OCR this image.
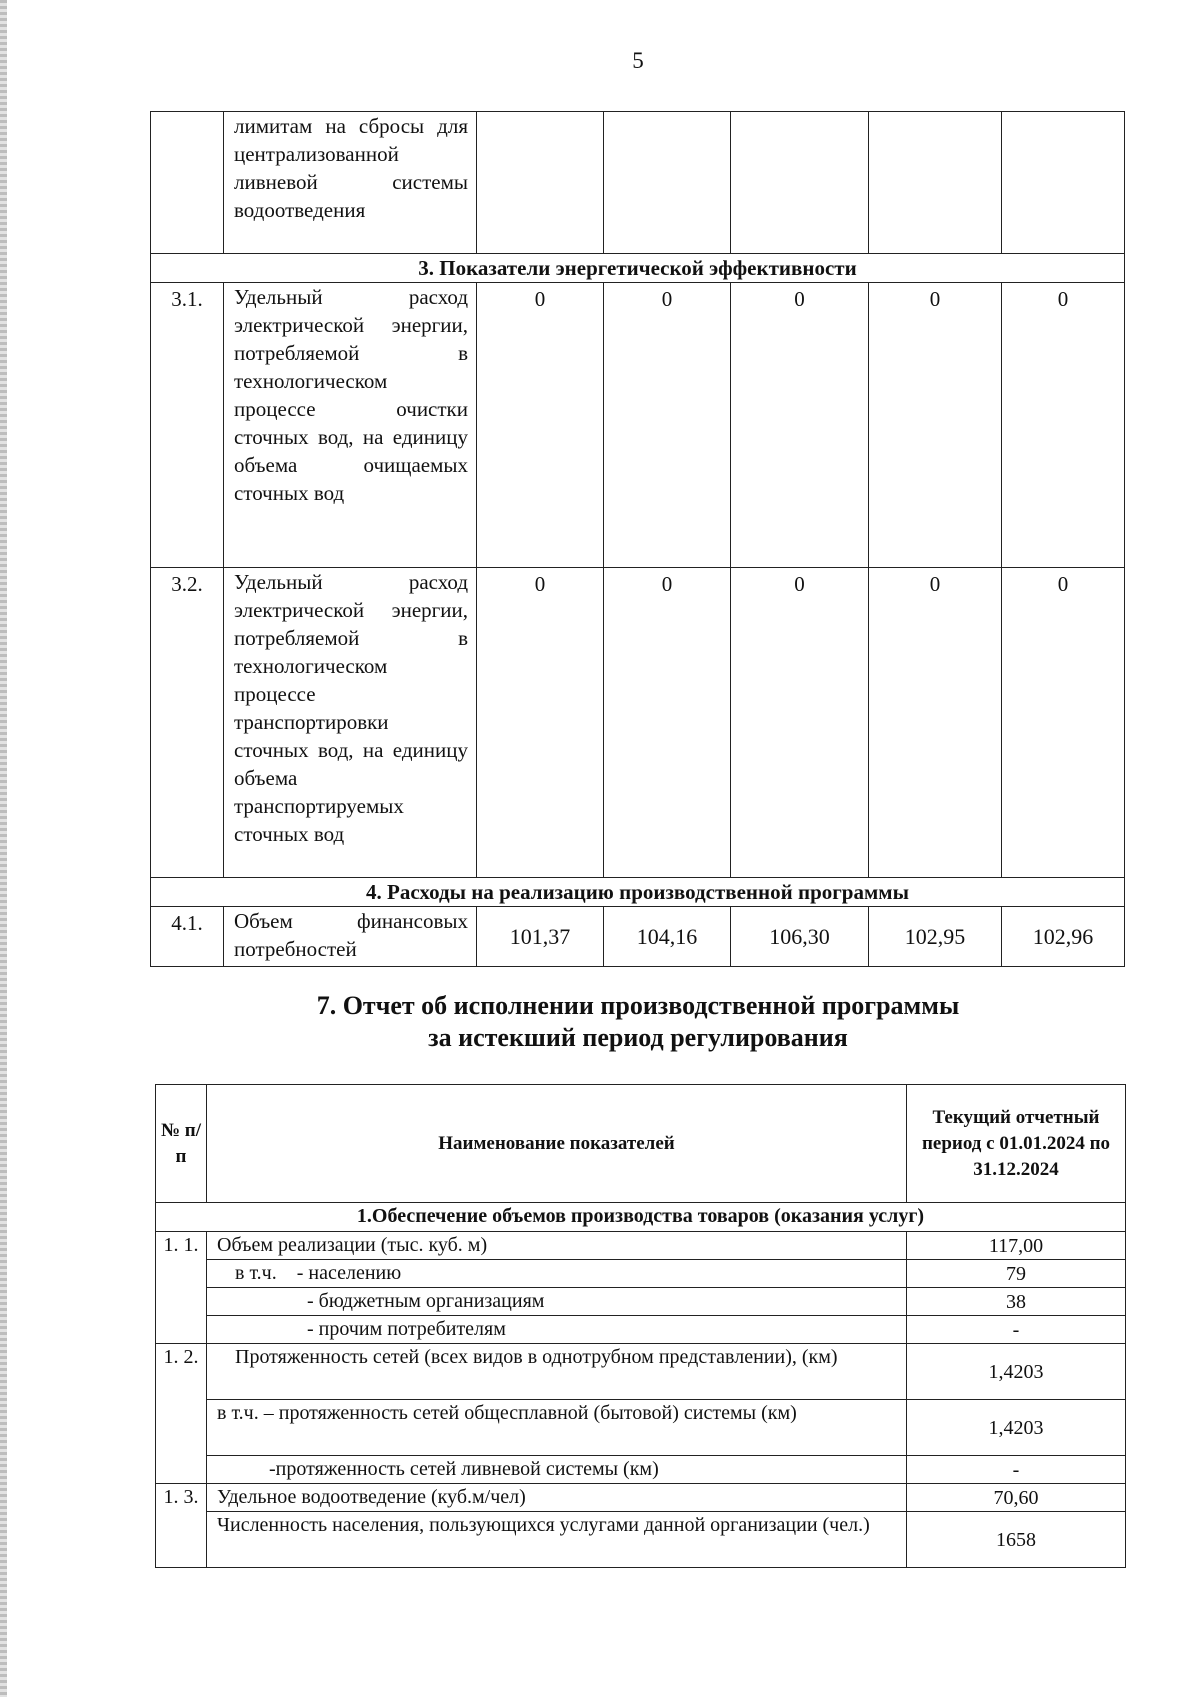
5
	лимитам на сбросы для централизованной ливневой системы водоотведения					
3. Показатели энергетической эффективности						
3.1.	Удельный расход электрической энергии, потребляемой в технологическом процессе очистки сточных вод, на единицу объема очищаемых сточных вод	0	0	0	0	0
3.2.	Удельный расход электрической энергии, потребляемой в технологическом процессе транспортировки сточных вод, на единицу объема транспортируемых сточных вод	0	0	0	0	0
4. Расходы на реализацию производственной программы						
4.1.	Объем финансовых потребностей	101,37	104,16	106,30	102,95	102,96
7. Отчет об исполнении производственной программы
за истекший период регулирования
№ п/ п	Наименование показателей	Текущий отчетный период с 01.01.2024 по 31.12.2024
1.Обеспечение объемов производства товаров (оказания услуг)		
1. 1.	Объем реализации (тыс. куб. м)	117,00
	в т.ч.    - населению	79
	- бюджетным организациям	38
	- прочим потребителям	-
1. 2.	Протяженность сетей (всех видов в однотрубном представлении), (км)	1,4203
	в т.ч. – протяженность сетей общесплавной (бытовой) системы (км)	1,4203
	-протяженность сетей ливневой системы (км)	-
1. 3.	Удельное водоотведение (куб.м/чел)	70,60
	Численность населения, пользующихся услугами данной организации (чел.)	1658
